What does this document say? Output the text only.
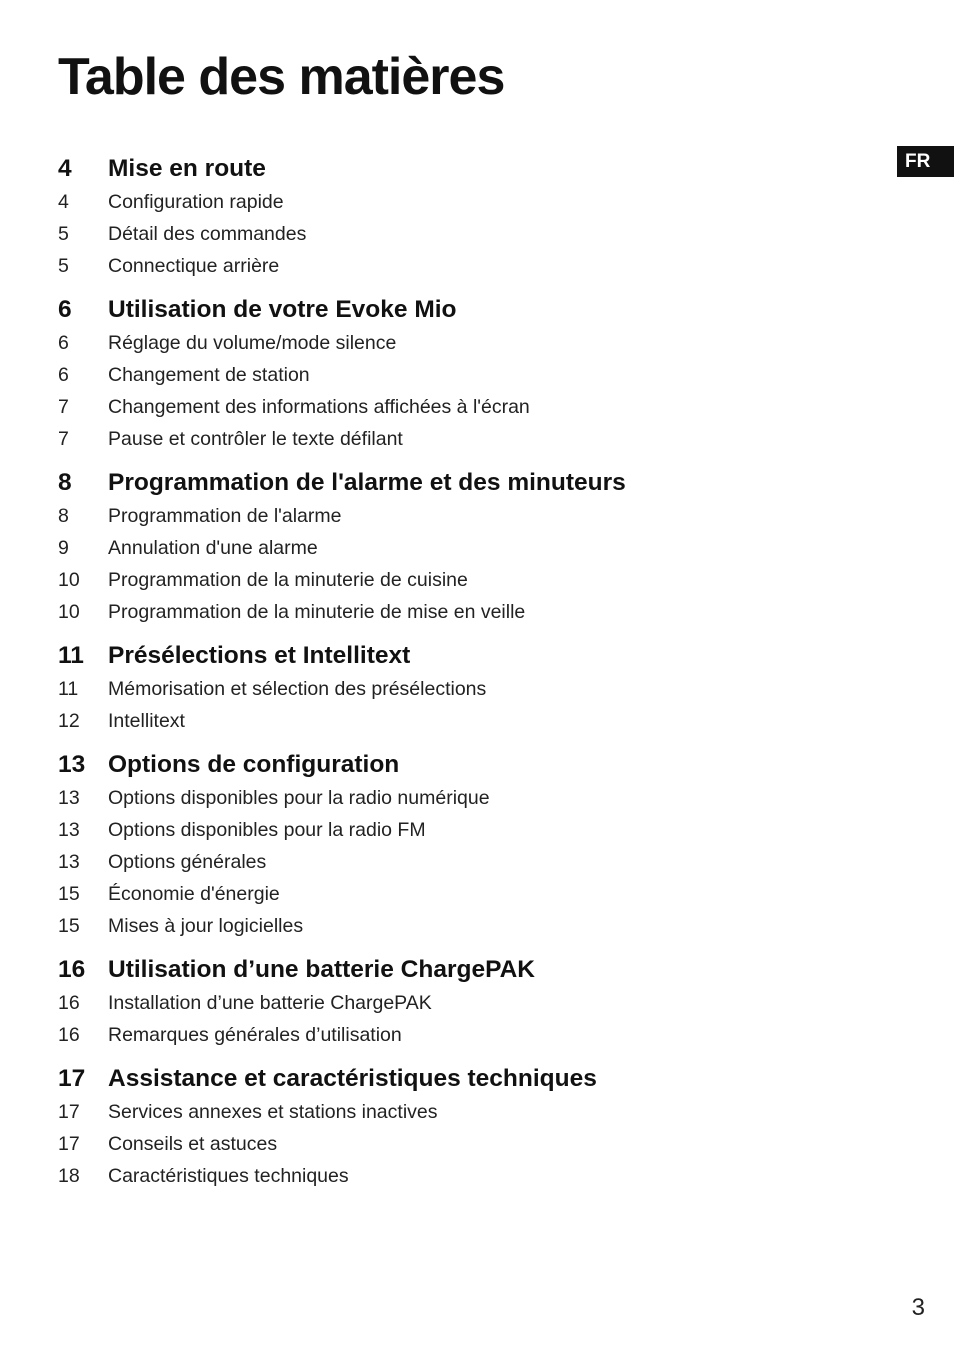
Table des matières
FR
4	Mise en route
4	Configuration rapide
5	Détail des commandes
5	Connectique arrière
6	Utilisation de votre Evoke Mio
6	Réglage du volume/mode silence
6	Changement de station
7	Changement des informations affichées à l'écran
7	Pause et contrôler le texte défilant
8	Programmation de l'alarme et des minuteurs
8	Programmation de l'alarme
9	Annulation d'une alarme
10	Programmation de la minuterie de cuisine
10	Programmation de la minuterie de mise en veille
11 Présélections et Intellitext
11	Mémorisation et sélection des présélections
12	Intellitext
13 Options de configuration
13	Options disponibles pour la radio numérique
13	Options disponibles pour la radio FM
13	Options générales
15	Économie d'énergie
15	Mises à jour logicielles
16 Utilisation d’une batterie ChargePAK
16	Installation d’une batterie ChargePAK
16	Remarques générales d’utilisation
17 Assistance et caractéristiques techniques
17	Services annexes et stations inactives
17	Conseils et astuces
18	Caractéristiques techniques
3
